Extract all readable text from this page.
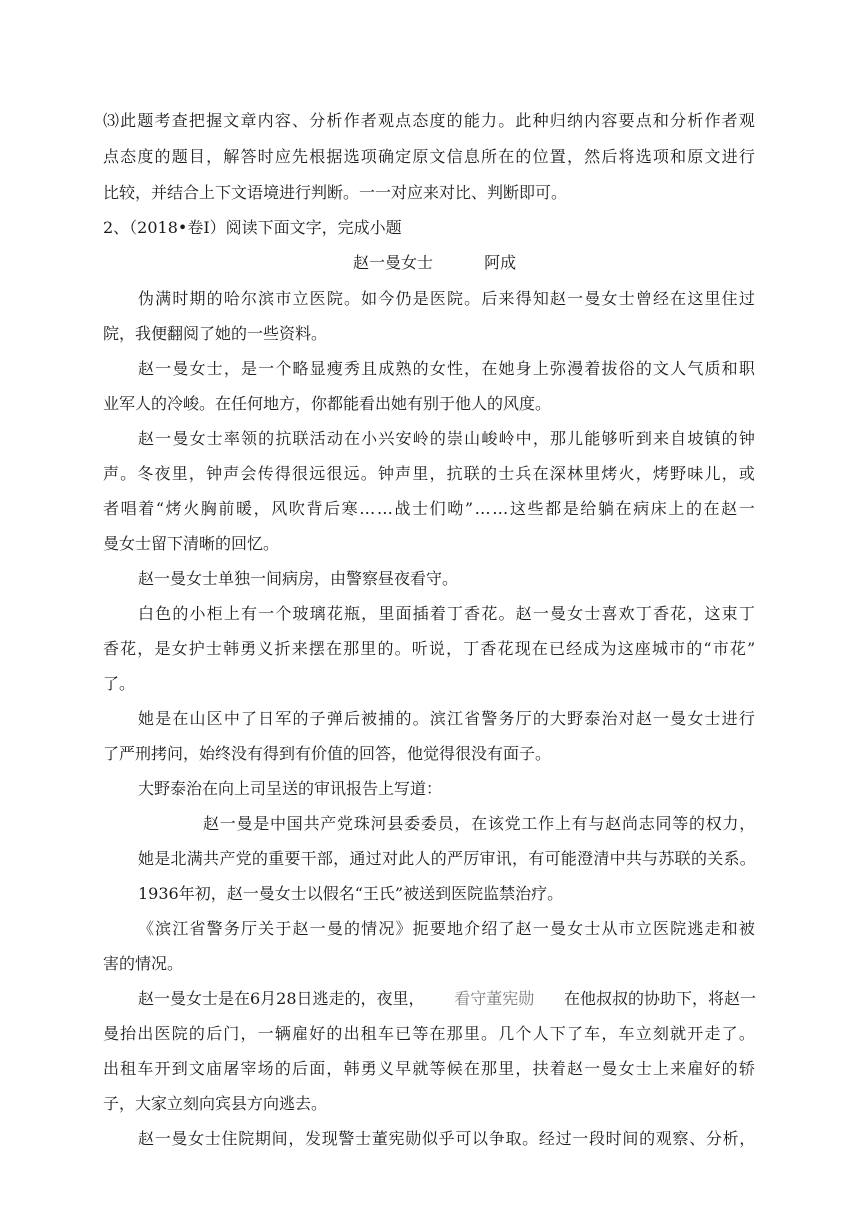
⑶此题考查把握文章内容、分析作者观点态度的能力。此种归纳内容要点和分析作者观
点态度的题目，解答时应先根据选项确定原文信息所在的位置，然后将选项和原文进行
比较，并结合上下文语境进行判断。一一对应来对比、判断即可。
2、（2018•卷Ⅰ）阅读下面文字，完成小题
赵一曼女士	阿成
伪满时期的哈尔滨市立医院。如今仍是医院。后来得知赵一曼女士曾经在这里住过
院，我便翻阅了她的一些资料。
赵一曼女士，是一个略显瘦秀且成熟的女性，在她身上弥漫着拔俗的文人气质和职
业军人的冷峻。在任何地方，你都能看出她有别于他人的风度。
赵一曼女士率领的抗联活动在小兴安岭的崇山峻岭中，那儿能够听到来自坡镇的钟
声。冬夜里，钟声会传得很远很远。钟声里，抗联的士兵在深林里烤火，烤野味儿，或
者唱着“烤火胸前暖，风吹背后寒……战士们呦”……这些都是给躺在病床上的在赵一
曼女士留下清晰的回忆。
赵一曼女士单独一间病房，由警察昼夜看守。
白色的小柜上有一个玻璃花瓶，里面插着丁香花。赵一曼女士喜欢丁香花，这束丁
香花，是女护士韩勇义折来摆在那里的。听说，丁香花现在已经成为这座城市的“市花”
了。
她是在山区中了日军的子弹后被捕的。滨江省警务厅的大野泰治对赵一曼女士进行
了严刑拷问，始终没有得到有价值的回答，他觉得很没有面子。
大野泰治在向上司呈送的审讯报告上写道：
赵一曼是中国共产党珠河县委委员，在该党工作上有与赵尚志同等的权力，
她是北满共产党的重要干部，通过对此人的严厉审讯，有可能澄清中共与苏联的关系。
1936年初，赵一曼女士以假名“王氏”被送到医院监禁治疗。
《滨江省警务厅关于赵一曼的情况》扼要地介绍了赵一曼女士从市立医院逃走和被
害的情况。
赵一曼女士是在6月28日逃走的，夜里， 看守董宪勋 在他叔叔的协助下，将赵一
曼抬出医院的后门，一辆雇好的出租车已等在那里。几个人下了车，车立刻就开走了。
出租车开到文庙屠宰场的后面，韩勇义早就等候在那里，扶着赵一曼女士上来雇好的轿
子，大家立刻向宾县方向逃去。
赵一曼女士住院期间，发现警士董宪勋似乎可以争取。经过一段时间的观察、分析，
